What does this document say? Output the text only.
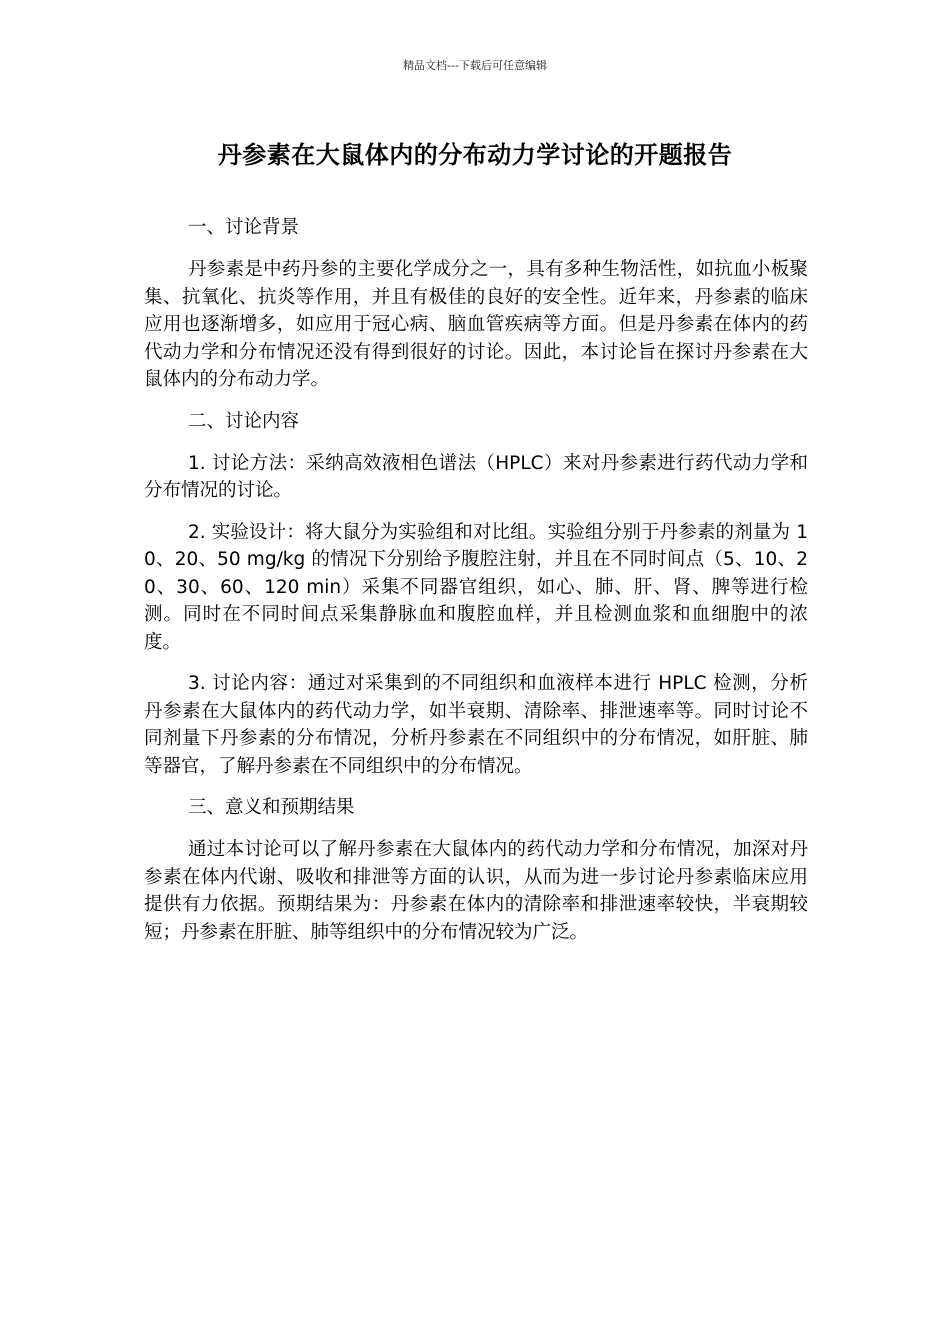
精品文档---下载后可任意编辑
丹参素在大鼠体内的分布动力学讨论的开题报告
一、讨论背景

丹参素是中药丹参的主要化学成分之一，具有多种生物活性，如抗血小板聚集、抗氧化、抗炎等作用，并且有极佳的良好的安全性。近年来，丹参素的临床应用也逐渐增多，如应用于冠心病、脑血管疾病等方面。但是丹参素在体内的药代动力学和分布情况还没有得到很好的讨论。因此，本讨论旨在探讨丹参素在大鼠体内的分布动力学。

二、讨论内容

1. 讨论方法：采纳高效液相色谱法（HPLC）来对丹参素进行药代动力学和分布情况的讨论。

2. 实验设计：将大鼠分为实验组和对比组。实验组分别于丹参素的剂量为 10、20、50 mg/kg 的情况下分别给予腹腔注射，并且在不同时间点（5、10、20、30、60、120 min）采集不同器官组织，如心、肺、肝、肾、脾等进行检测。同时在不同时间点采集静脉血和腹腔血样，并且检测血浆和血细胞中的浓度。

3. 讨论内容：通过对采集到的不同组织和血液样本进行 HPLC 检测，分析丹参素在大鼠体内的药代动力学，如半衰期、清除率、排泄速率等。同时讨论不同剂量下丹参素的分布情况，分析丹参素在不同组织中的分布情况，如肝脏、肺等器官，了解丹参素在不同组织中的分布情况。

三、意义和预期结果

通过本讨论可以了解丹参素在大鼠体内的药代动力学和分布情况，加深对丹参素在体内代谢、吸收和排泄等方面的认识，从而为进一步讨论丹参素临床应用提供有力依据。预期结果为：丹参素在体内的清除率和排泄速率较快，半衰期较短；丹参素在肝脏、肺等组织中的分布情况较为广泛。
